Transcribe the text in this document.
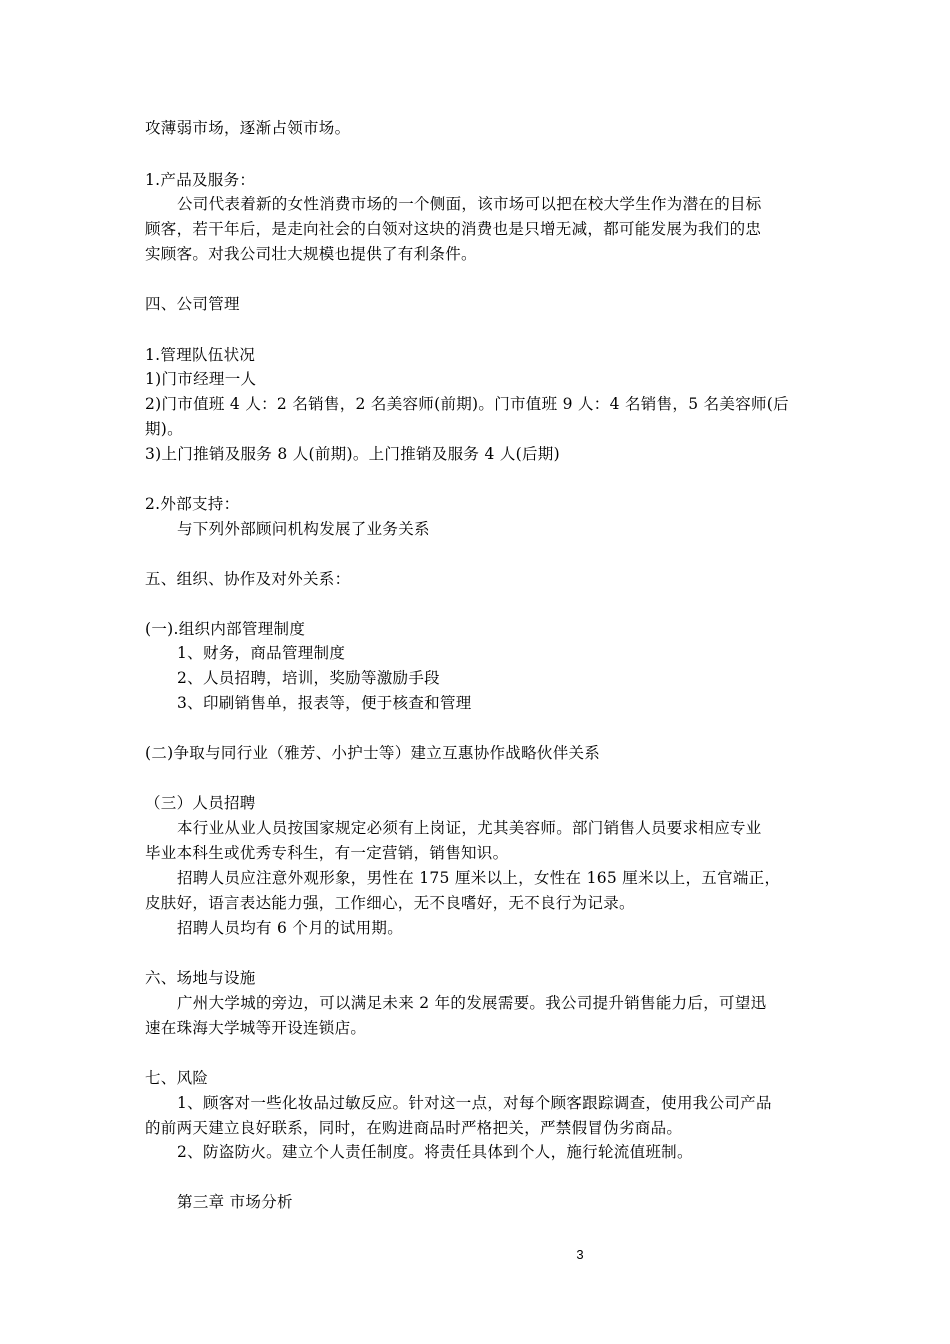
攻薄弱市场，逐渐占领市场。
1.产品及服务：
公司代表着新的女性消费市场的一个侧面，该市场可以把在校大学生作为潜在的目标
顾客，若干年后，是走向社会的白领对这块的消费也是只增无减，都可能发展为我们的忠
实顾客。对我公司壮大规模也提供了有利条件。
四、公司管理
1.管理队伍状况
1)门市经理一人
2)门市值班 4 人：2 名销售，2 名美容师(前期)。门市值班 9 人：4 名销售，5 名美容师(后
期)。
3)上门推销及服务 8 人(前期)。上门推销及服务 4 人(后期)
2.外部支持：
与下列外部顾问机构发展了业务关系
五、组织、协作及对外关系：
(一).组织内部管理制度
1、财务，商品管理制度
2、人员招聘，培训，奖励等激励手段
3、印刷销售单，报表等，便于核查和管理
(二)争取与同行业（雅芳、小护士等）建立互惠协作战略伙伴关系
（三）人员招聘
本行业从业人员按国家规定必须有上岗证，尤其美容师。部门销售人员要求相应专业
毕业本科生或优秀专科生，有一定营销，销售知识。
招聘人员应注意外观形象，男性在 175 厘米以上，女性在 165 厘米以上，五官端正，
皮肤好，语言表达能力强，工作细心，无不良嗜好，无不良行为记录。
招聘人员均有 6 个月的试用期。
六、场地与设施
广州大学城的旁边，可以满足未来 2 年的发展需要。我公司提升销售能力后，可望迅
速在珠海大学城等开设连锁店。
七、风险
1、顾客对一些化妆品过敏反应。针对这一点，对每个顾客跟踪调查，使用我公司产品
的前两天建立良好联系，同时，在购进商品时严格把关，严禁假冒伪劣商品。
2、防盗防火。建立个人责任制度。将责任具体到个人，施行轮流值班制。
第三章 市场分析
3
